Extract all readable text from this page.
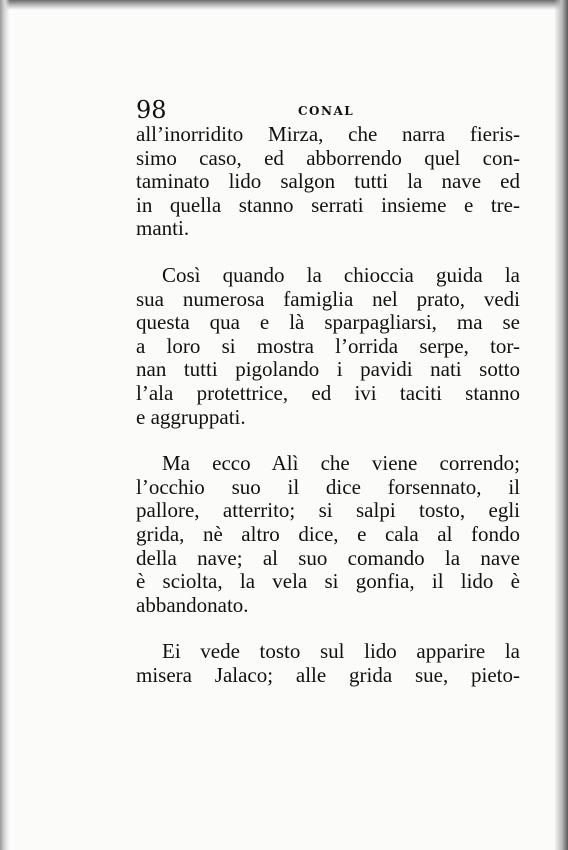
98	CONAL

all’inorridito Mirza, che narra fieris-
simo caso, ed abborrendo quel con-
taminato lido salgon tutti la nave ed
in quella stanno serrati insieme e tre-
manti.

Così quando la chioccia guida la
sua numerosa famiglia nel prato, vedi
questa qua e là sparpagliarsi, ma se
a loro si mostra l’orrida serpe, tor-
nan tutti pigolando i pavidi nati sotto
l’ala protettrice, ed ivi taciti stanno
e aggruppati.

Ma ecco Alì che viene correndo;
l’occhio suo il dice forsennato, il
pallore, atterrito; si salpi tosto, egli
grida, nè altro dice, e cala al fondo
della nave; al suo comando la nave
è sciolta, la vela si gonfia, il lido è
abbandonato.

Ei vede tosto sul lido apparire la
misera Jalaco; alle grida sue, pieto-
